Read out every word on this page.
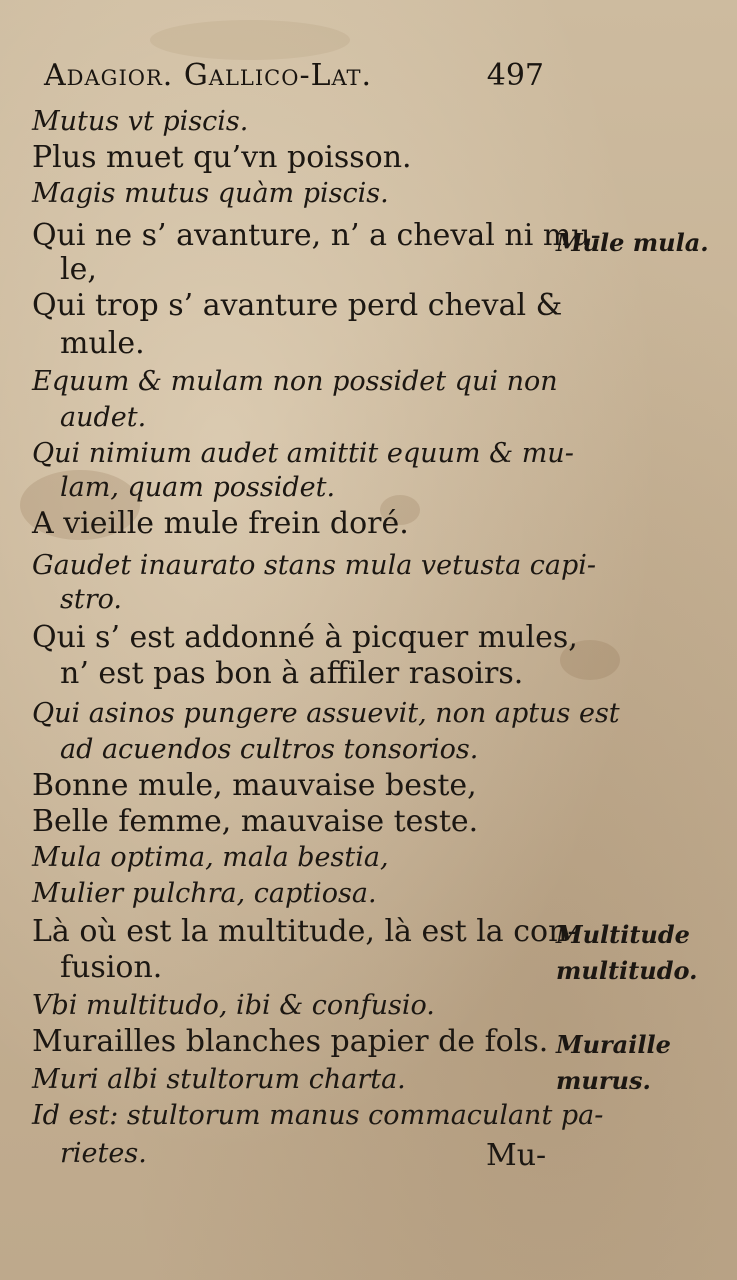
Adagior. Gallico-Lat.	497
Mutus vt piscis.
Plus muet qu’vn poisson.
Magis mutus quàm piscis.
Qui ne s’ avanture, n’ a cheval ni mu-
le,
Qui trop s’ avanture perd cheval &
mule.
Equum & mulam non possidet qui non
audet.
Qui nimium audet amittit equum & mu-
lam, quam possidet.
A vieille mule frein doré.
Gaudet inaurato stans mula vetusta capi-
stro.
Qui s’ est addonné à picquer mules,
n’ est pas bon à affiler rasoirs.
Qui asinos pungere assuevit, non aptus est
ad acuendos cultros tonsorios.
Bonne mule, mauvaise beste,
Belle femme, mauvaise teste.
Mula optima, mala bestia,
Mulier pulchra, captiosa.
Là où est la multitude, là est la con-
fusion.
Vbi multitudo, ibi & confusio.
Murailles blanches papier de fols.
Muri albi stultorum charta.
Id est: stultorum manus commaculant pa-
rietes.
Mule mula.
Multitude
multitudo.
Muraille
murus.
Mu-
